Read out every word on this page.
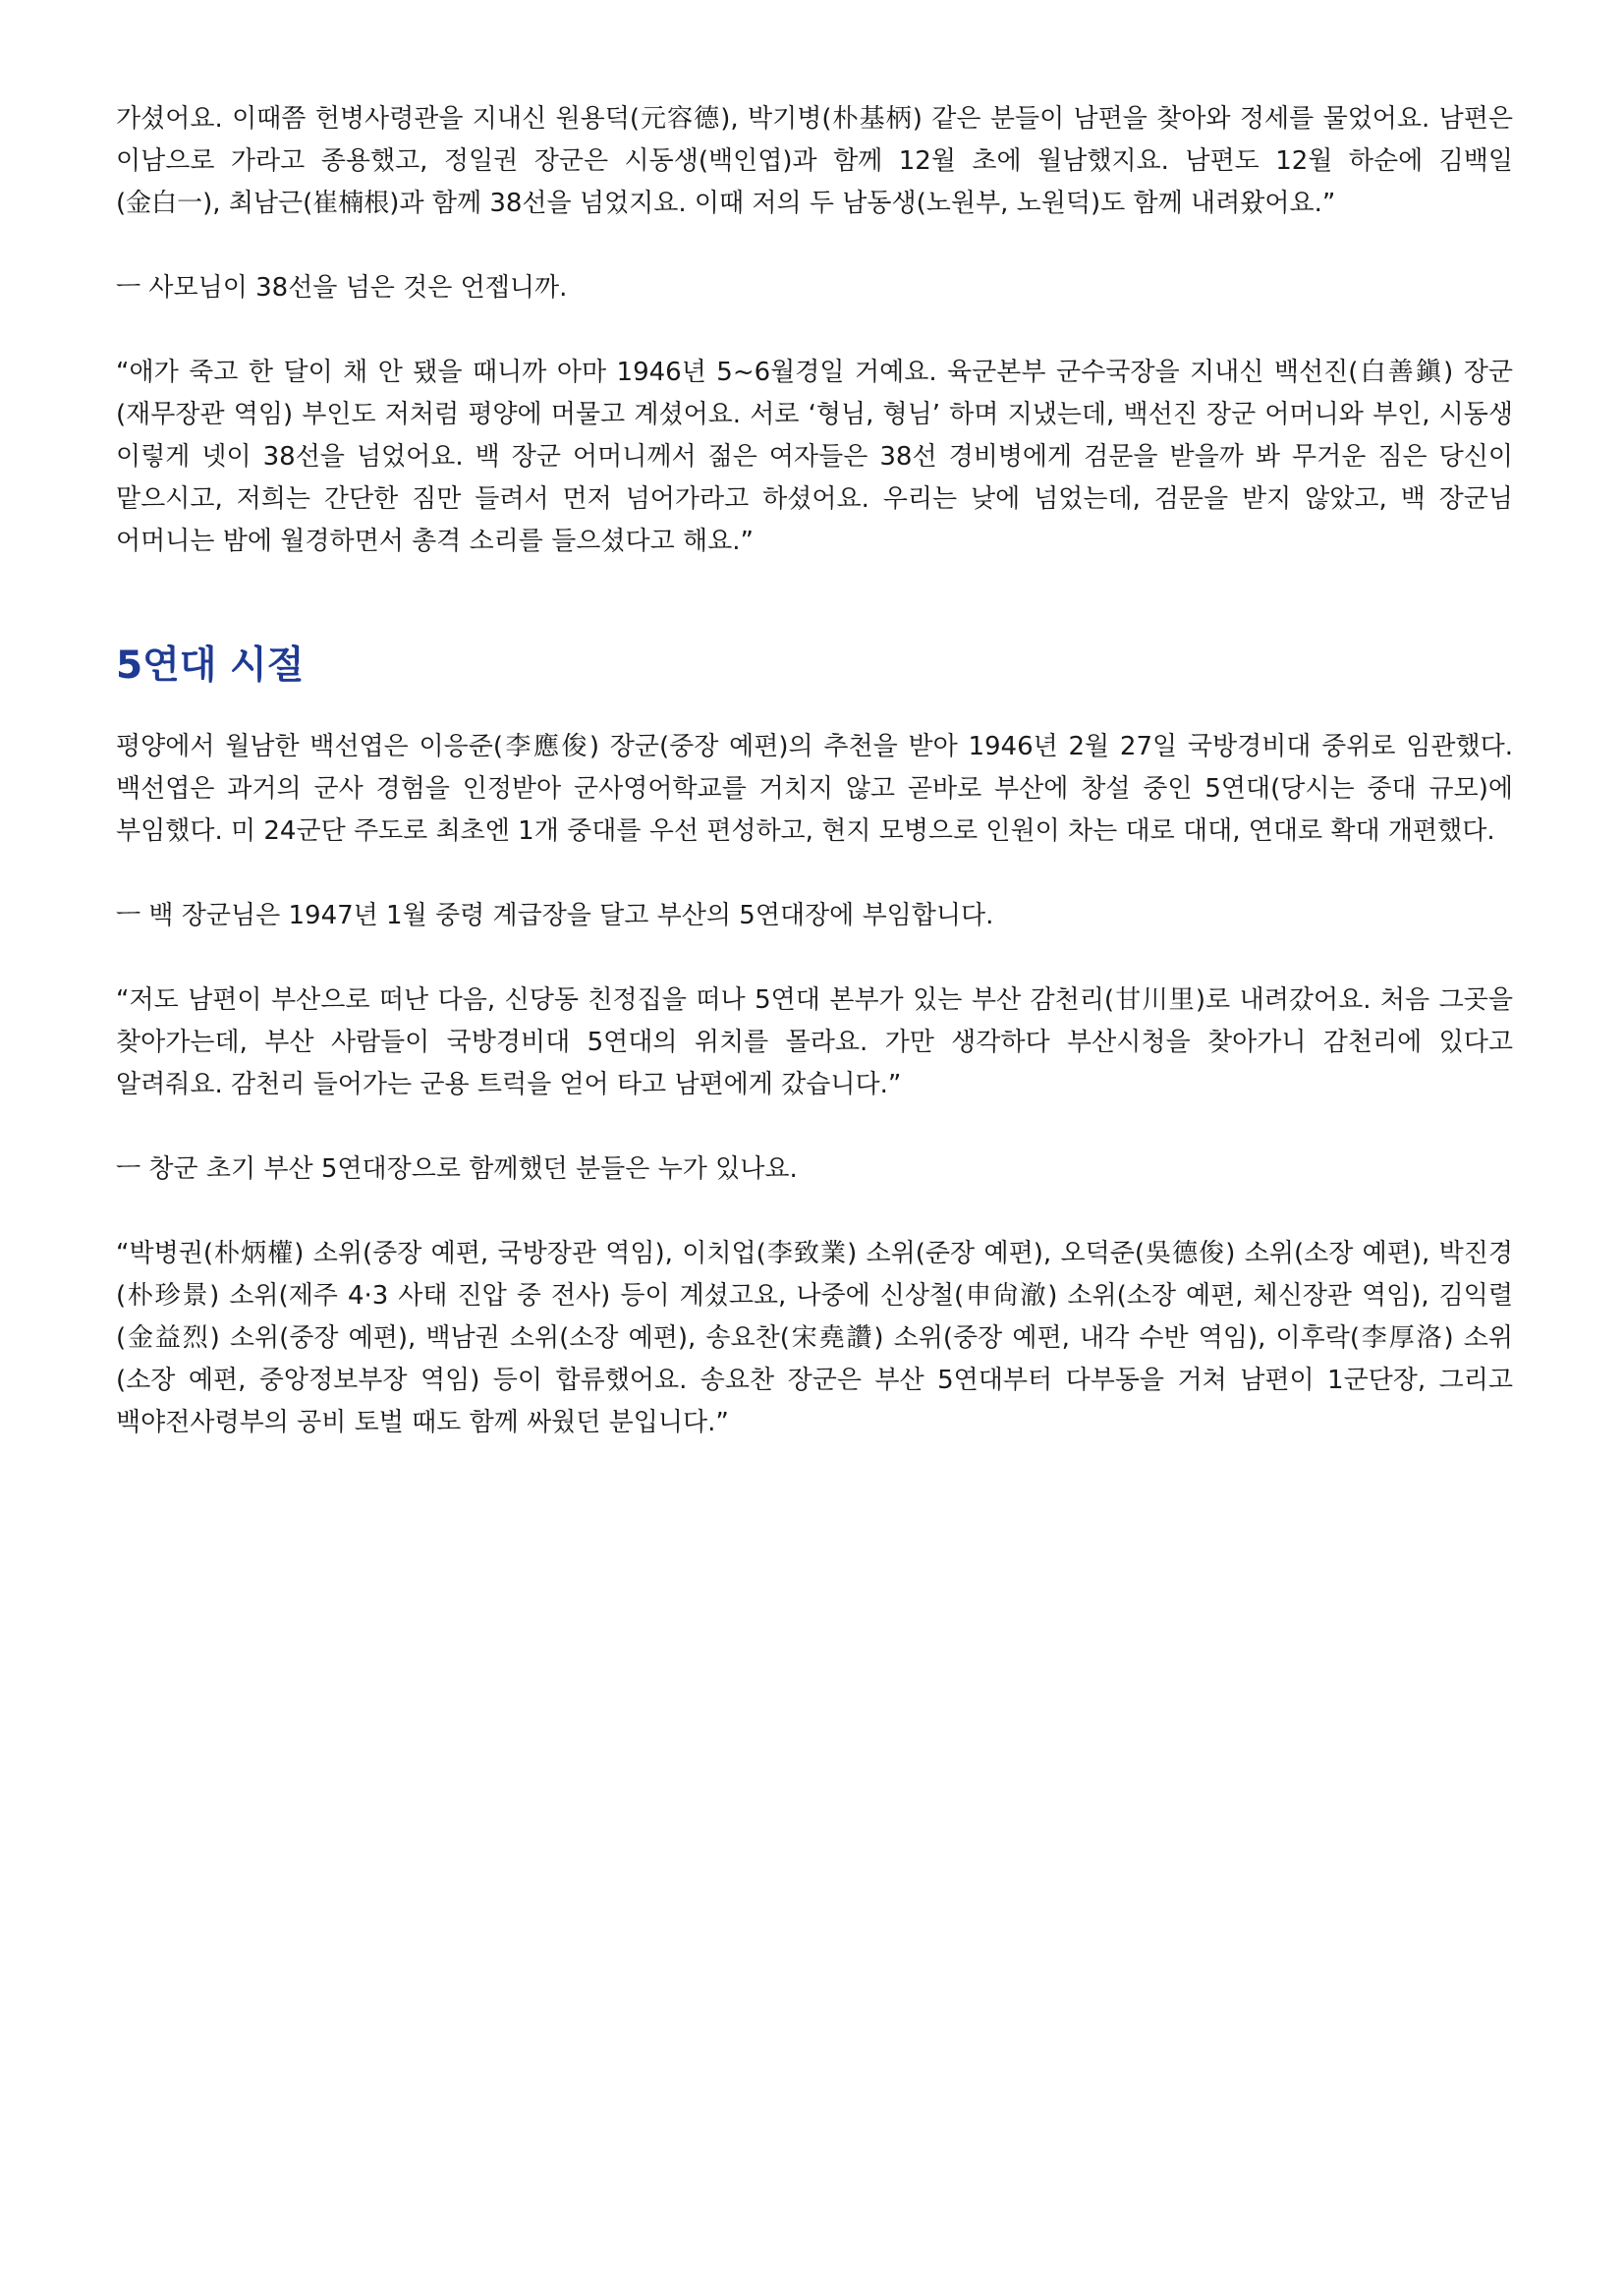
가셨어요. 이때쯤 헌병사령관을 지내신 원용덕(元容德), 박기병(朴基柄) 같은 분들이 남편을 찾아와 정세를 물었어요. 남편은 이남으로 가라고 종용했고, 정일권 장군은 시동생(백인엽)과 함께 12월 초에 월남했지요. 남편도 12월 하순에 김백일(金白一), 최남근(崔楠根)과 함께 38선을 넘었지요. 이때 저의 두 남동생(노원부, 노원덕)도 함께 내려왔어요.”

ㅡ 사모님이 38선을 넘은 것은 언젭니까.

“애가 죽고 한 달이 채 안 됐을 때니까 아마 1946년 5~6월경일 거예요. 육군본부 군수국장을 지내신 백선진(白善鎭) 장군(재무장관 역임) 부인도 저처럼 평양에 머물고 계셨어요. 서로 ‘형님, 형님’ 하며 지냈는데, 백선진 장군 어머니와 부인, 시동생 이렇게 넷이 38선을 넘었어요. 백 장군 어머니께서 젊은 여자들은 38선 경비병에게 검문을 받을까 봐 무거운 짐은 당신이 맡으시고, 저희는 간단한 짐만 들려서 먼저 넘어가라고 하셨어요. 우리는 낮에 넘었는데, 검문을 받지 않았고, 백 장군님 어머니는 밤에 월경하면서 총격 소리를 들으셨다고 해요.”

5연대 시절

평양에서 월남한 백선엽은 이응준(李應俊) 장군(중장 예편)의 추천을 받아 1946년 2월 27일 국방경비대 중위로 임관했다. 백선엽은 과거의 군사 경험을 인정받아 군사영어학교를 거치지 않고 곧바로 부산에 창설 중인 5연대(당시는 중대 규모)에 부임했다. 미 24군단 주도로 최초엔 1개 중대를 우선 편성하고, 현지 모병으로 인원이 차는 대로 대대, 연대로 확대 개편했다.

ㅡ 백 장군님은 1947년 1월 중령 계급장을 달고 부산의 5연대장에 부임합니다.

“저도 남편이 부산으로 떠난 다음, 신당동 친정집을 떠나 5연대 본부가 있는 부산 감천리(甘川里)로 내려갔어요. 처음 그곳을 찾아가는데, 부산 사람들이 국방경비대 5연대의 위치를 몰라요. 가만 생각하다 부산시청을 찾아가니 감천리에 있다고 알려줘요. 감천리 들어가는 군용 트럭을 얻어 타고 남편에게 갔습니다.”

ㅡ 창군 초기 부산 5연대장으로 함께했던 분들은 누가 있나요.

“박병권(朴炳權) 소위(중장 예편, 국방장관 역임), 이치업(李致業) 소위(준장 예편), 오덕준(吳德俊) 소위(소장 예편), 박진경(朴珍景) 소위(제주 4·3 사태 진압 중 전사) 등이 계셨고요, 나중에 신상철(申尙澈) 소위(소장 예편, 체신장관 역임), 김익렬(金益烈) 소위(중장 예편), 백남권 소위(소장 예편), 송요찬(宋堯讚) 소위(중장 예편, 내각 수반 역임), 이후락(李厚洛) 소위(소장 예편, 중앙정보부장 역임) 등이 합류했어요. 송요찬 장군은 부산 5연대부터 다부동을 거쳐 남편이 1군단장, 그리고 백야전사령부의 공비 토벌 때도 함께 싸웠던 분입니다.”
